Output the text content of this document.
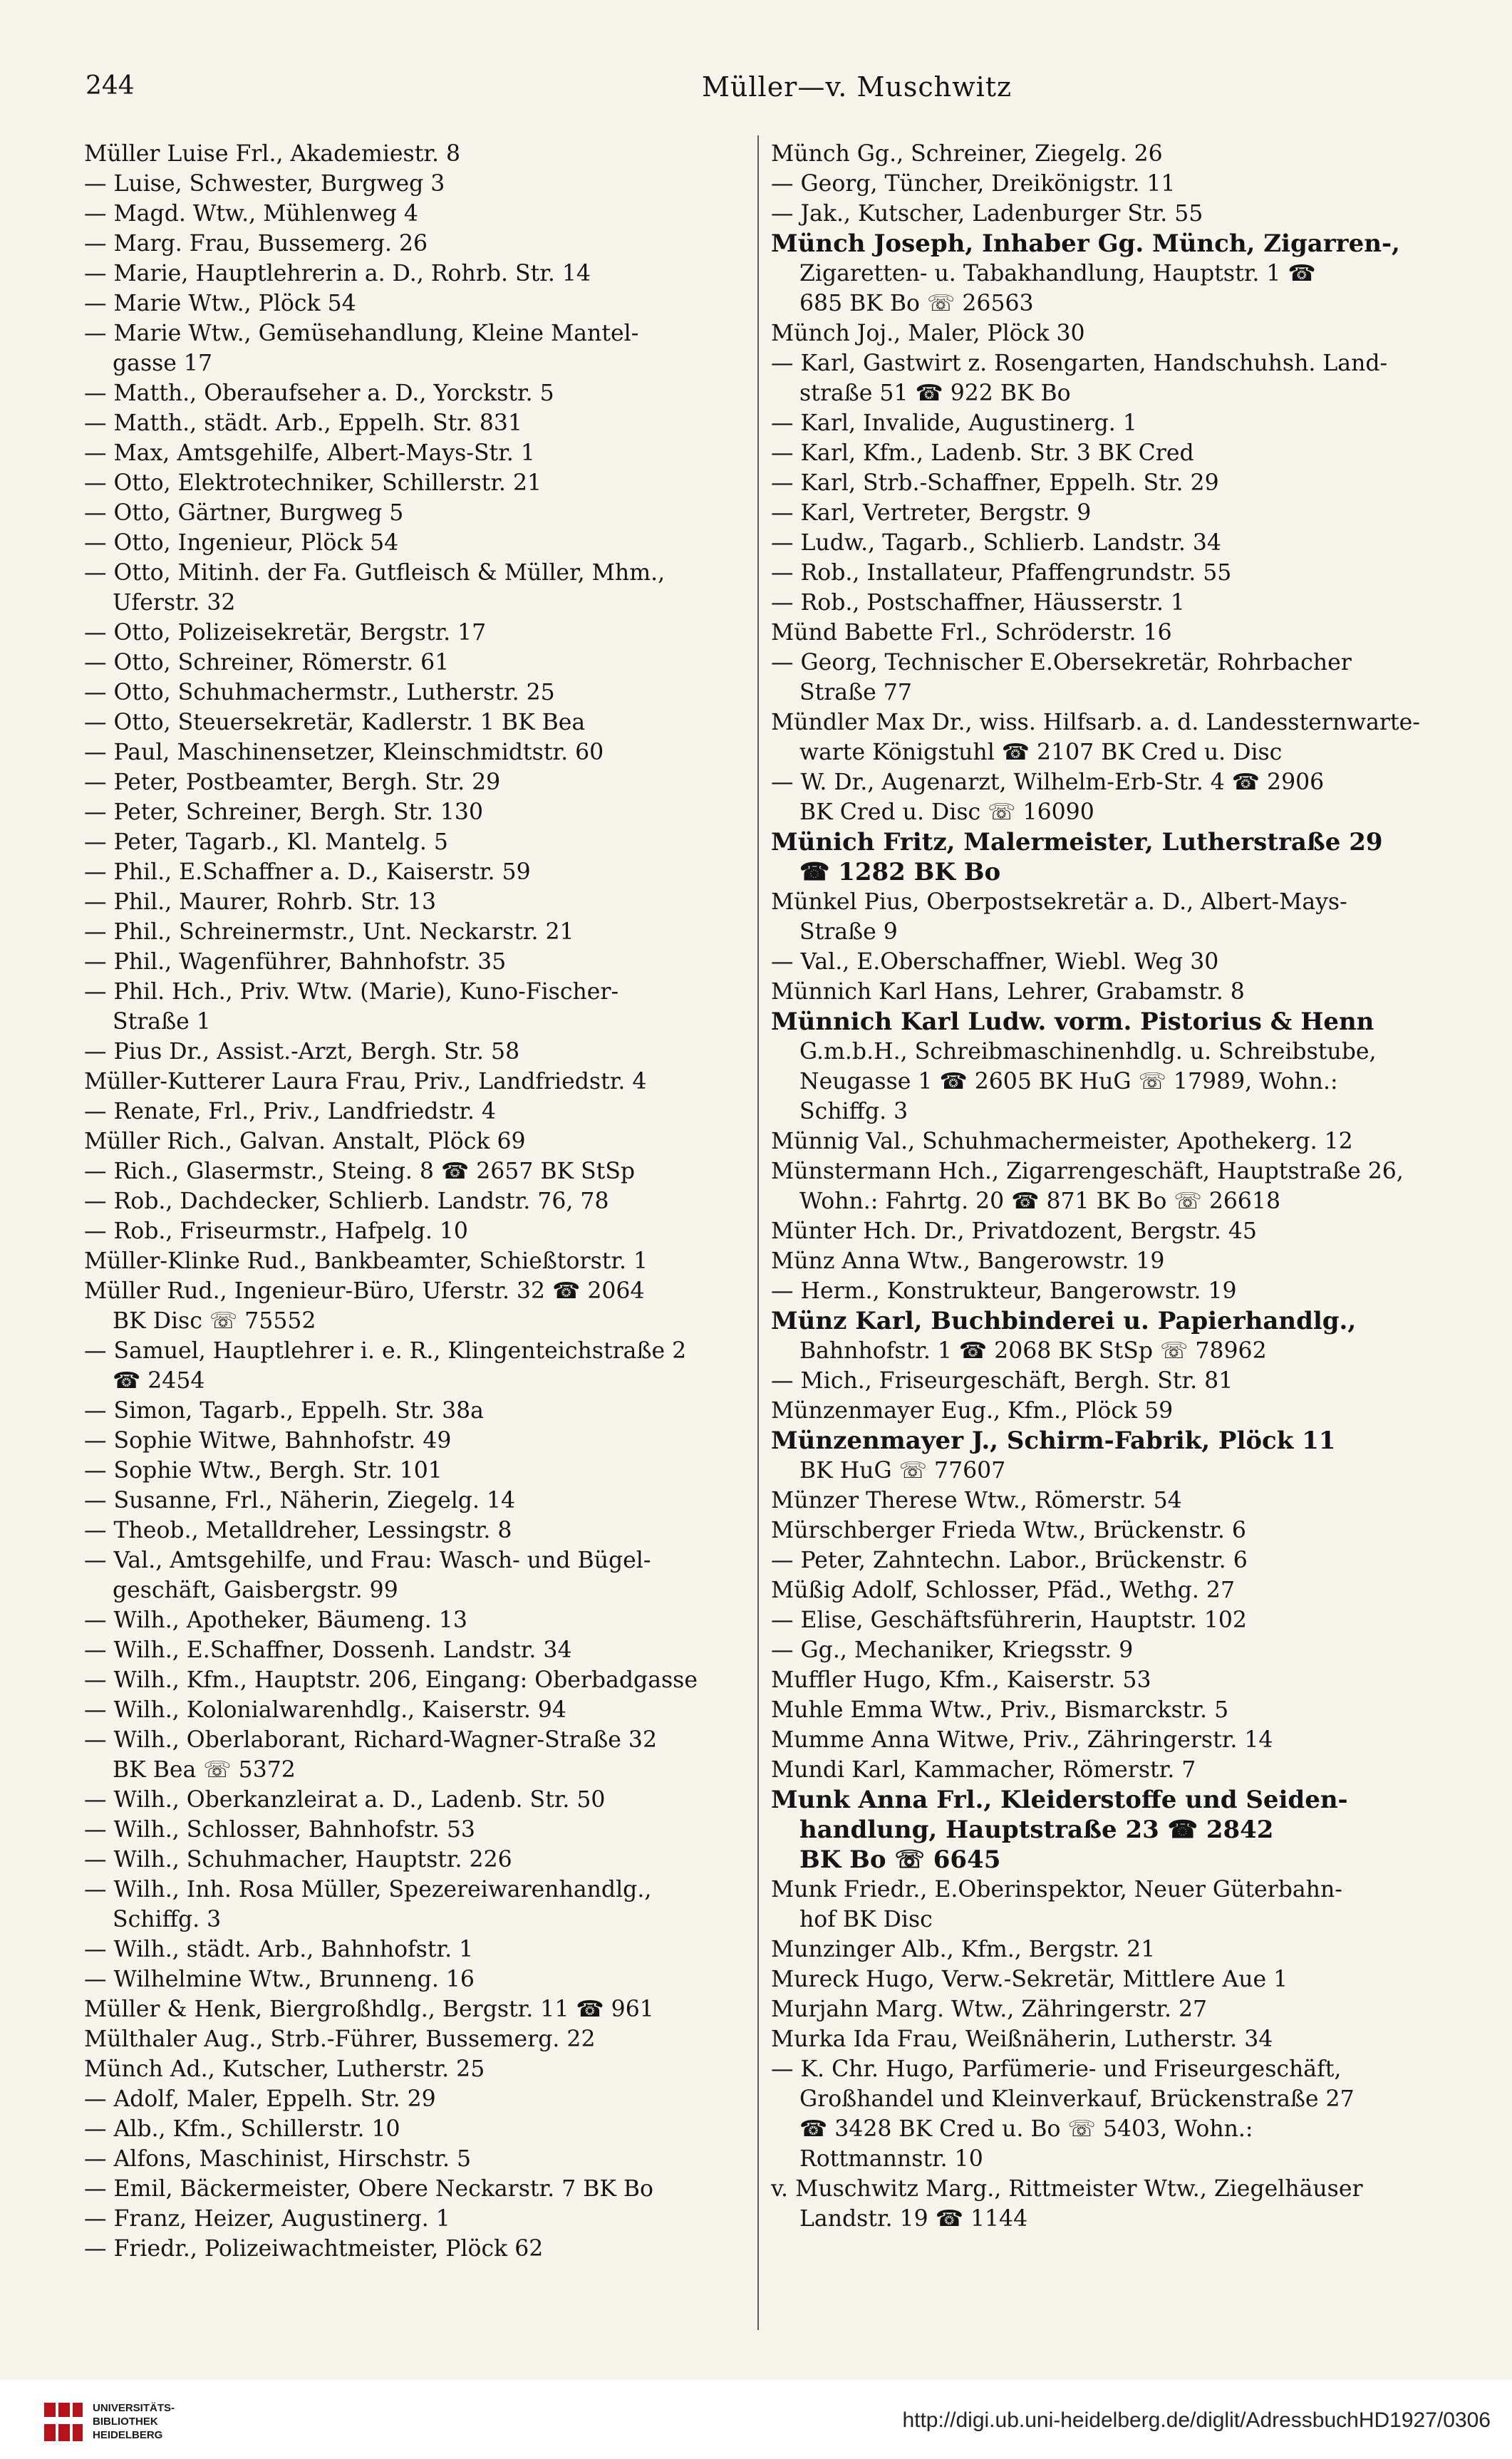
244	Müller—v. Muschwitz
Müller Luise Frl., Akademiestr. 8
— Luise, Schwester, Burgweg 3
— Magd. Wtw., Mühlenweg 4
— Marg. Frau, Bussemerg. 26
— Marie, Hauptlehrerin a. D., Rohrb. Str. 14
— Marie Wtw., Plöck 54
— Marie Wtw., Gemüsehandlung, Kleine Mantel-
gasse 17
— Matth., Oberaufseher a. D., Yorckstr. 5
— Matth., städt. Arb., Eppelh. Str. 831
— Max, Amtsgehilfe, Albert-Mays-Str. 1
— Otto, Elektrotechniker, Schillerstr. 21
— Otto, Gärtner, Burgweg 5
— Otto, Ingenieur, Plöck 54
— Otto, Mitinh. der Fa. Gutfleisch & Müller, Mhm.,
Uferstr. 32
— Otto, Polizeisekretär, Bergstr. 17
— Otto, Schreiner, Römerstr. 61
— Otto, Schuhmachermstr., Lutherstr. 25
— Otto, Steuersekretär, Kadlerstr. 1 BK Bea
— Paul, Maschinensetzer, Kleinschmidtstr. 60
— Peter, Postbeamter, Bergh. Str. 29
— Peter, Schreiner, Bergh. Str. 130
— Peter, Tagarb., Kl. Mantelg. 5
— Phil., E.Schaffner a. D., Kaiserstr. 59
— Phil., Maurer, Rohrb. Str. 13
— Phil., Schreinermstr., Unt. Neckarstr. 21
— Phil., Wagenführer, Bahnhofstr. 35
— Phil. Hch., Priv. Wtw. (Marie), Kuno-Fischer-
Straße 1
— Pius Dr., Assist.-Arzt, Bergh. Str. 58
Müller-Kutterer Laura Frau, Priv., Landfriedstr. 4
— Renate, Frl., Priv., Landfriedstr. 4
Müller Rich., Galvan. Anstalt, Plöck 69
— Rich., Glasermstr., Steing. 8 ☎ 2657 BK StSp
— Rob., Dachdecker, Schlierb. Landstr. 76, 78
— Rob., Friseurmstr., Hafpelg. 10
Müller-Klinke Rud., Bankbeamter, Schießtorstr. 1
Müller Rud., Ingenieur-Büro, Uferstr. 32 ☎ 2064
BK Disc ☏ 75552
— Samuel, Hauptlehrer i. e. R., Klingenteichstraße 2
☎ 2454
— Simon, Tagarb., Eppelh. Str. 38a
— Sophie Witwe, Bahnhofstr. 49
— Sophie Wtw., Bergh. Str. 101
— Susanne, Frl., Näherin, Ziegelg. 14
— Theob., Metalldreher, Lessingstr. 8
— Val., Amtsgehilfe, und Frau: Wasch- und Bügel-
geschäft, Gaisbergstr. 99
— Wilh., Apotheker, Bäumeng. 13
— Wilh., E.Schaffner, Dossenh. Landstr. 34
— Wilh., Kfm., Hauptstr. 206, Eingang: Oberbadgasse
— Wilh., Kolonialwarenhdlg., Kaiserstr. 94
— Wilh., Oberlaborant, Richard-Wagner-Straße 32
BK Bea ☏ 5372
— Wilh., Oberkanzleirat a. D., Ladenb. Str. 50
— Wilh., Schlosser, Bahnhofstr. 53
— Wilh., Schuhmacher, Hauptstr. 226
— Wilh., Inh. Rosa Müller, Spezereiwarenhandlg.,
Schiffg. 3
— Wilh., städt. Arb., Bahnhofstr. 1
— Wilhelmine Wtw., Brunneng. 16
Müller & Henk, Biergroßhdlg., Bergstr. 11 ☎ 961
Mülthaler Aug., Strb.-Führer, Bussemerg. 22
Münch Ad., Kutscher, Lutherstr. 25
— Adolf, Maler, Eppelh. Str. 29
— Alb., Kfm., Schillerstr. 10
— Alfons, Maschinist, Hirschstr. 5
— Emil, Bäckermeister, Obere Neckarstr. 7 BK Bo
— Franz, Heizer, Augustinerg. 1
— Friedr., Polizeiwachtmeister, Plöck 62
Münch Gg., Schreiner, Ziegelg. 26
— Georg, Tüncher, Dreikönigstr. 11
— Jak., Kutscher, Ladenburger Str. 55
Münch Joseph, Inhaber Gg. Münch, Zigarren-,
Zigaretten- u. Tabakhandlung, Hauptstr. 1 ☎
685 BK Bo ☏ 26563
Münch Joj., Maler, Plöck 30
— Karl, Gastwirt z. Rosengarten, Handschuhsh. Land-
straße 51 ☎ 922 BK Bo
— Karl, Invalide, Augustinerg. 1
— Karl, Kfm., Ladenb. Str. 3 BK Cred
— Karl, Strb.-Schaffner, Eppelh. Str. 29
— Karl, Vertreter, Bergstr. 9
— Ludw., Tagarb., Schlierb. Landstr. 34
— Rob., Installateur, Pfaffengrundstr. 55
— Rob., Postschaffner, Häusserstr. 1
Münd Babette Frl., Schröderstr. 16
— Georg, Technischer E.Obersekretär, Rohrbacher
Straße 77
Mündler Max Dr., wiss. Hilfsarb. a. d. Landessternwarte-
warte Königstuhl ☎ 2107 BK Cred u. Disc
— W. Dr., Augenarzt, Wilhelm-Erb-Str. 4 ☎ 2906
BK Cred u. Disc ☏ 16090
Münich Fritz, Malermeister, Lutherstraße 29
☎ 1282 BK Bo
Münkel Pius, Oberpostsekretär a. D., Albert-Mays-
Straße 9
— Val., E.Oberschaffner, Wiebl. Weg 30
Münnich Karl Hans, Lehrer, Grabamstr. 8
Münnich Karl Ludw. vorm. Pistorius & Henn
G.m.b.H., Schreibmaschinenhdlg. u. Schreibstube,
Neugasse 1 ☎ 2605 BK HuG ☏ 17989, Wohn.:
Schiffg. 3
Münnig Val., Schuhmachermeister, Apothekerg. 12
Münstermann Hch., Zigarrengeschäft, Hauptstraße 26,
Wohn.: Fahrtg. 20 ☎ 871 BK Bo ☏ 26618
Münter Hch. Dr., Privatdozent, Bergstr. 45
Münz Anna Wtw., Bangerowstr. 19
— Herm., Konstrukteur, Bangerowstr. 19
Münz Karl, Buchbinderei u. Papierhandlg.,
Bahnhofstr. 1 ☎ 2068 BK StSp ☏ 78962
— Mich., Friseurgeschäft, Bergh. Str. 81
Münzenmayer Eug., Kfm., Plöck 59
Münzenmayer J., Schirm-Fabrik, Plöck 11
BK HuG ☏ 77607
Münzer Therese Wtw., Römerstr. 54
Mürschberger Frieda Wtw., Brückenstr. 6
— Peter, Zahntechn. Labor., Brückenstr. 6
Müßig Adolf, Schlosser, Pfäd., Wethg. 27
— Elise, Geschäftsführerin, Hauptstr. 102
— Gg., Mechaniker, Kriegsstr. 9
Muffler Hugo, Kfm., Kaiserstr. 53
Muhle Emma Wtw., Priv., Bismarckstr. 5
Mumme Anna Witwe, Priv., Zähringerstr. 14
Mundi Karl, Kammacher, Römerstr. 7
Munk Anna Frl., Kleiderstoffe und Seiden-
handlung, Hauptstraße 23 ☎ 2842
BK Bo ☏ 6645
Munk Friedr., E.Oberinspektor, Neuer Güterbahn-
hof BK Disc
Munzinger Alb., Kfm., Bergstr. 21
Mureck Hugo, Verw.-Sekretär, Mittlere Aue 1
Murjahn Marg. Wtw., Zähringerstr. 27
Murka Ida Frau, Weißnäherin, Lutherstr. 34
— K. Chr. Hugo, Parfümerie- und Friseurgeschäft,
Großhandel und Kleinverkauf, Brückenstraße 27
☎ 3428 BK Cred u. Bo ☏ 5403, Wohn.:
Rottmannstr. 10
v. Muschwitz Marg., Rittmeister Wtw., Ziegelhäuser
Landstr. 19 ☎ 1144
UNIVERSITÄTS-
BIBLIOTHEK
HEIDELBERG
http://digi.ub.uni-heidelberg.de/diglit/AdressbuchHD1927/0306
